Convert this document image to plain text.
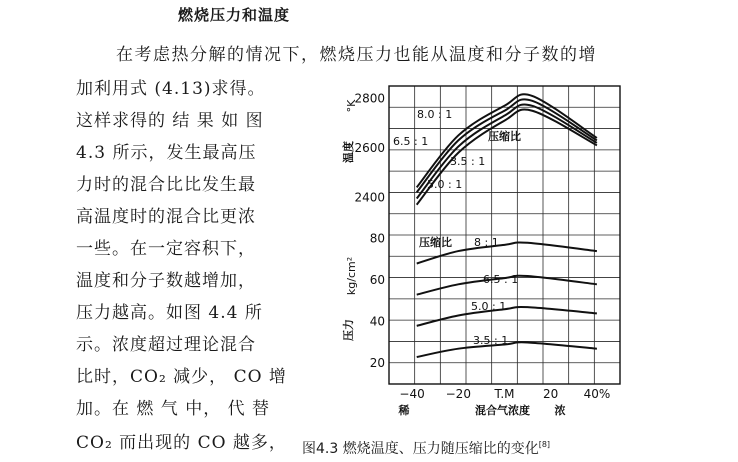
燃烧压力和温度
在考虑热分解的情况下，燃烧压力也能从温度和分子数的增
加利用式 (4.13)求得。
这样求得的 结 果 如 图
4.3 所示，发生最高压
力时的混合比比发生最
高温度时的混合比更浓
一些。在一定容积下，
温度和分子数越增加，
压力越高。如图 4.4 所
示。浓度超过理论混合
比时，CO₂ 减少， CO 增
加。在 燃 气 中， 代 替
CO₂ 而出现的 CO 越多，
2800
2600
2400
80
60
40
20
−40 −20 T.M 20 40%
稀	混合气浓度 浓
温度
°K
压力
kg/cm²
压缩比
8.0 : 1
6.5 : 1
3.5 : 1
5.0 : 1
压缩比 8 : 1
6.5 : 1
5.0 : 1
3.5 : 1
图4.3 燃烧温度、压力随压缩比的变化[8]
